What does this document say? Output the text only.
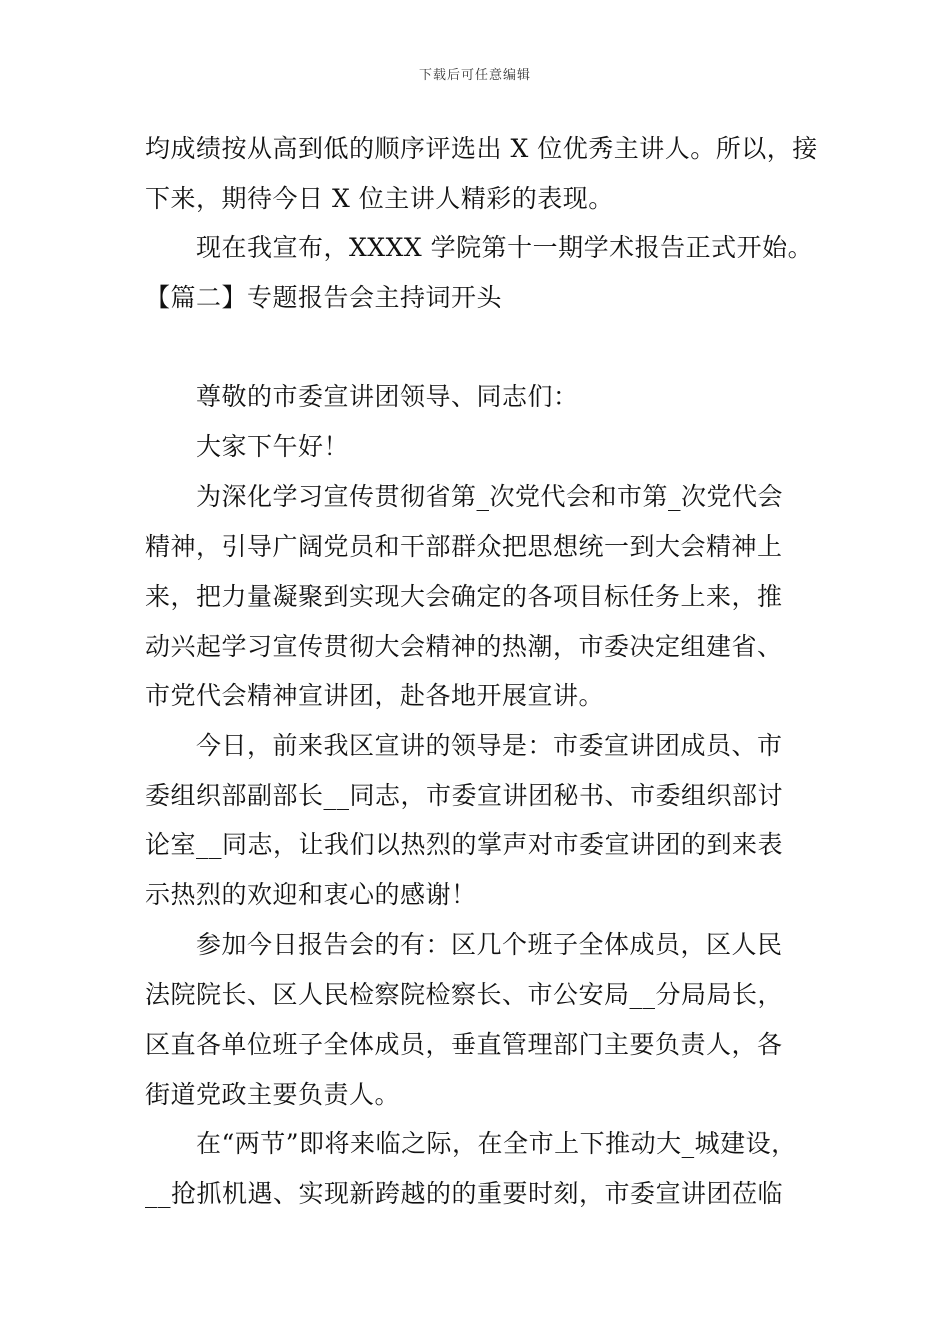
下载后可任意编辑
均成绩按从高到低的顺序评选出 X 位优秀主讲人。所以，接
下来，期待今日 X 位主讲人精彩的表现。
现在我宣布，XXXX 学院第十一期学术报告正式开始。
【篇二】专题报告会主持词开头
尊敬的市委宣讲团领导、同志们：
大家下午好！
为深化学习宣传贯彻省第_次党代会和市第_次党代会
精神，引导广阔党员和干部群众把思想统一到大会精神上
来，把力量凝聚到实现大会确定的各项目标任务上来，推
动兴起学习宣传贯彻大会精神的热潮，市委决定组建省、
市党代会精神宣讲团，赴各地开展宣讲。
今日，前来我区宣讲的领导是：市委宣讲团成员、市
委组织部副部长__同志，市委宣讲团秘书、市委组织部讨
论室__同志，让我们以热烈的掌声对市委宣讲团的到来表
示热烈的欢迎和衷心的感谢！
参加今日报告会的有：区几个班子全体成员，区人民
法院院长、区人民检察院检察长、市公安局__分局局长，
区直各单位班子全体成员，垂直管理部门主要负责人，各
街道党政主要负责人。
在“两节”即将来临之际，在全市上下推动大_城建设，
__抢抓机遇、实现新跨越的的重要时刻，市委宣讲团莅临
